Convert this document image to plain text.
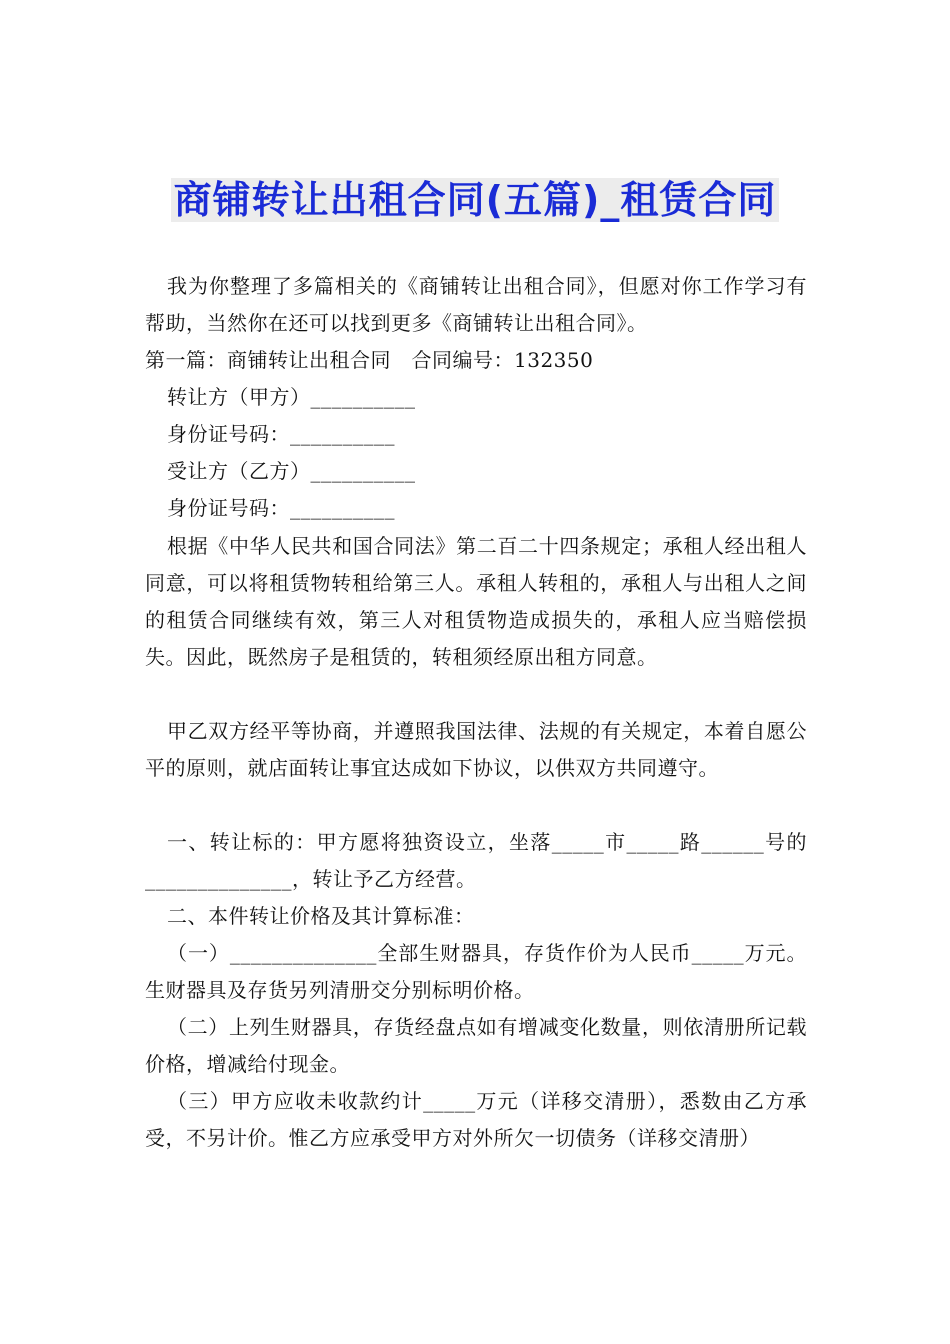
商铺转让出租合同(五篇)_租赁合同
我为你整理了多篇相关的《商铺转让出租合同》，但愿对你工作学习有帮助，当然你在还可以找到更多《商铺转让出租合同》。
第一篇：商铺转让出租合同　合同编号：132350
转让方（甲方）__________
身份证号码：__________
受让方（乙方）__________
身份证号码：__________
根据《中华人民共和国合同法》第二百二十四条规定；承租人经出租人同意，可以将租赁物转租给第三人。承租人转租的，承租人与出租人之间的租赁合同继续有效，第三人对租赁物造成损失的，承租人应当赔偿损失。因此，既然房子是租赁的，转租须经原出租方同意。
甲乙双方经平等协商，并遵照我国法律、法规的有关规定，本着自愿公平的原则，就店面转让事宜达成如下协议，以供双方共同遵守。
一、转让标的：甲方愿将独资设立，坐落_____市_____路______号的______________，转让予乙方经营。
二、本件转让价格及其计算标准：
（一）______________全部生财器具，存货作价为人民币_____万元。生财器具及存货另列清册交分别标明价格。
（二）上列生财器具，存货经盘点如有增减变化数量，则依清册所记载价格，增减给付现金。
（三）甲方应收未收款约计_____万元（详移交清册），悉数由乙方承受，不另计价。惟乙方应承受甲方对外所欠一切债务（详移交清册）
